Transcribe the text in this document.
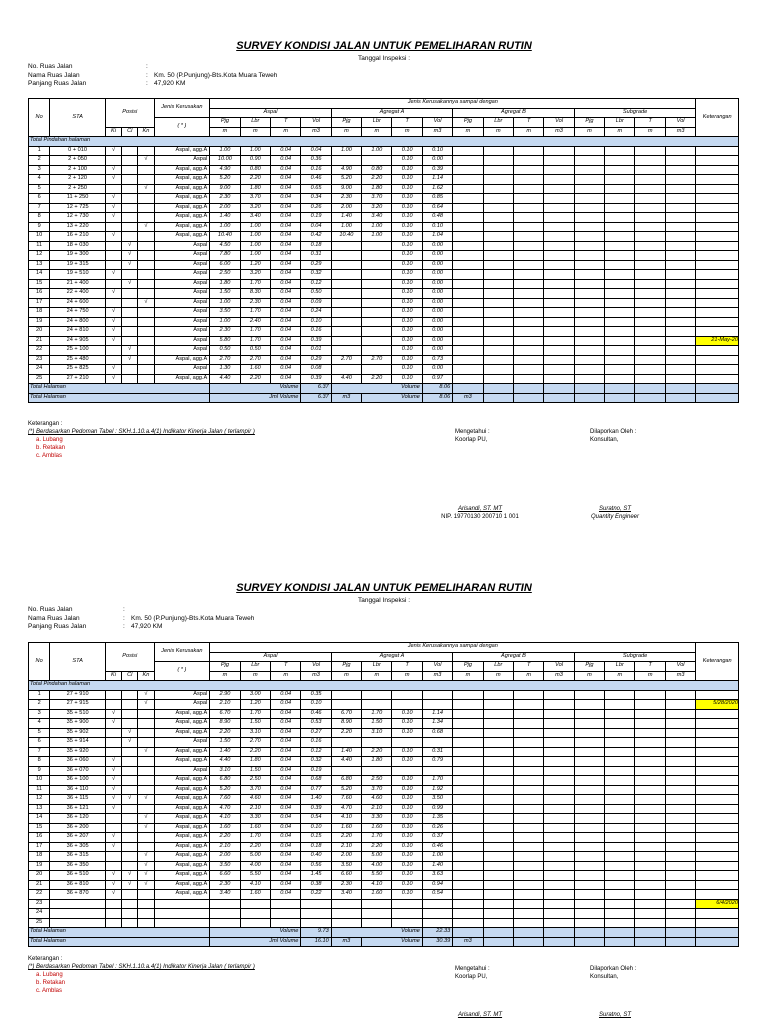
SURVEY KONDISI JALAN UNTUK PEMELIHARAN RUTIN
Tanggal Inspeksi :
No. Ruas Jalan	:
Nama Ruas Jalan	: Km. 50 (P.Punjung)-Bts.Kota Muara Teweh
Panjang Ruas Jalan	: 47,920 KM
No	STA	Posisi			Jenis Kerusakan	Jenis Kerusakannya sampai dengan																Keterangan
						Aspal				Agregat A				Agregat B				Subgrade				
					( * )	Pjg	Lbr	T	Vol	Pjg	Lbr	T	Vol	Pjg	Lbr	T	Vol	Pjg	Lbr	T	Vol	
		Ki	Cl	Kn		m	m	m	m3	m	m	m	m3	m	m	m	m3	m	m	m	m3	
Total Pindahan halaman																						
1	0 + 010	√			Aspal, agg.A	1.00	1.00	0.04	0.04	1.00	1.00	0.10	0.10									
2	2 + 050			√	Aspal	10.00	0.90	0.04	0.36			0.10	0.00									
3	2 + 100	√			Aspal, agg.A	4.90	0.80	0.04	0.16	4.90	0.80	0.10	0.39									
4	2 + 120	√			Aspal, agg.A	5.20	2.20	0.04	0.46	5.20	2.20	0.10	1.14									
5	2 + 250			√	Aspal, agg.A	9.00	1.80	0.04	0.65	9.00	1.80	0.10	1.62									
6	11 + 250	√			Aspal, agg.A	2.30	3.70	0.04	0.34	2.30	3.70	0.10	0.85									
7	12 + 725	√			Aspal, agg.A	2.00	3.20	0.04	0.26	2.00	3.20	0.10	0.64									
8	12 + 730	√			Aspal, agg.A	1.40	3.40	0.04	0.19	1.40	3.40	0.10	0.48									
9	13 + 220			√	Aspal, agg.A	1.00	1.00	0.04	0.04	1.00	1.00	0.10	0.10									
10	16 + 210	√			Aspal, agg.A	10.40	1.00	0.04	0.42	10.40	1.00	0.10	1.04									
11	18 + 030		√		Aspal	4.50	1.00	0.04	0.18			0.10	0.00									
12	19 + 300		√		Aspal	7.80	1.00	0.04	0.31			0.10	0.00									
13	19 + 315		√		Aspal	6.00	1.20	0.04	0.29			0.10	0.00									
14	19 + 510	√			Aspal	2.50	3.20	0.04	0.32			0.10	0.00									
15	21 + 400		√		Aspal	1.80	1.70	0.04	0.12			0.10	0.00									
16	22 + 400	√			Aspal	1.50	8.30	0.04	0.50			0.10	0.00									
17	24 + 600			√	Aspal	1.00	2.30	0.04	0.09			0.10	0.00									
18	24 + 750	√			Aspal	3.50	1.70	0.04	0.24			0.10	0.00									
19	24 + 800	√			Aspal	1.00	2.40	0.04	0.10			0.10	0.00									
20	24 + 810	√			Aspal	2.30	1.70	0.04	0.16			0.10	0.00									
21	24 + 905	√			Aspal	5.80	1.70	0.04	0.39			0.10	0.00									21-May-20
22	25 + 100		√		Aspal	0.50	0.50	0.04	0.01			0.10	0.00									
23	25 + 480		√		Aspal, agg.A	2.70	2.70	0.04	0.29	2.70	2.70	0.10	0.73									
24	25 + 825	√			Aspal	1.30	1.60	0.04	0.08			0.10	0.00									
25	27 + 210	√			Aspal, agg.A	4.40	2.20	0.04	0.39	4.40	2.20	0.10	0.97									
Total Halaman						Volume			6.37	Volume			8.06									
Total Halaman						Jml Volume			6.37	m3	Volume		8.06	m3								
Keterangan :
(*) Berdasarkan Pedoman Tabel : SKH.1.10.a.4(1) Indikator Kinerja Jalan ( terlampir )
a. Lubang
b. Retakan
c. Amblas
Mengetahui :
Koorlap PU,
Dilaporkan Oleh :
Konsultan,
Arisandi, ST. MT
NIP. 19770130 200710 1 001
Suratno, ST
Quantity Engineer
SURVEY KONDISI JALAN UNTUK PEMELIHARAN RUTIN
Tanggal Inspeksi :
No. Ruas Jalan	:
Nama Ruas Jalan	: Km. 50 (P.Punjung)-Bts.Kota Muara Teweh
Panjang Ruas Jalan	: 47,920 KM
No	STA	Posisi			Jenis Kerusakan	Jenis Kerusakannya sampai dengan																Keterangan
						Aspal				Agregat A				Agregat B				Subgrade				
					( * )	Pjg	Lbr	T	Vol	Pjg	Lbr	T	Vol	Pjg	Lbr	T	Vol	Pjg	Lbr	T	Vol	
		Ki	Cl	Kn		m	m	m	m3	m	m	m	m3	m	m	m	m3	m	m	m	m3	
Total Pindahan halaman																						
1	27 + 910			√	Aspal	2.90	3.00	0.04	0.35													
2	27 + 915			√	Aspal	2.10	1.20	0.04	0.10													5/28/2020
3	35 + 510	√			Aspal, agg.A	6.70	1.70	0.04	0.46	6.70	1.70	0.10	1.14									
4	35 + 900	√			Aspal, agg.A	8.90	1.50	0.04	0.53	8.90	1.50	0.10	1.34									
5	35 + 902		√		Aspal, agg.A	2.20	3.10	0.04	0.27	2.20	3.10	0.10	0.68									
6	35 + 914		√		Aspal	1.50	2.70	0.04	0.16													
7	35 + 920			√	Aspal, agg.A	1.40	2.20	0.04	0.12	1.40	2.20	0.10	0.31									
8	36 + 060	√			Aspal, agg.A	4.40	1.80	0.04	0.32	4.40	1.80	0.10	0.79									
9	36 + 070	√			Aspal	3.10	1.50	0.04	0.19													
10	36 + 100	√			Aspal, agg.A	6.80	2.50	0.04	0.68	6.80	2.50	0.10	1.70									
11	36 + 110	√			Aspal, agg.A	5.20	3.70	0.04	0.77	5.20	3.70	0.10	1.92									
12	36 + 115	√	√	√	Aspal, agg.A	7.60	4.60	0.04	1.40	7.60	4.60	0.10	3.50									
13	36 + 121	√			Aspal, agg.A	4.70	2.10	0.04	0.39	4.70	2.10	0.10	0.99									
14	36 + 120			√	Aspal, agg.A	4.10	3.30	0.04	0.54	4.10	3.30	0.10	1.35									
15	36 + 200			√	Aspal, agg.A	1.60	1.60	0.04	0.10	1.60	1.60	0.10	0.26									
16	36 + 207	√			Aspal, agg.A	2.20	1.70	0.04	0.15	2.20	1.70	0.10	0.37									
17	36 + 305	√			Aspal, agg.A	2.10	2.20	0.04	0.18	2.10	2.20	0.10	0.46									
18	36 + 315			√	Aspal, agg.A	2.00	5.00	0.04	0.40	2.00	5.00	0.10	1.00									
19	36 + 350			√	Aspal, agg.A	3.50	4.00	0.04	0.56	3.50	4.00	0.10	1.40									
20	36 + 510	√	√	√	Aspal, agg.A	6.60	5.50	0.04	1.45	6.60	5.50	0.10	3.63									
21	36 + 810	√	√	√	Aspal, agg.A	2.30	4.10	0.04	0.38	2.30	4.10	0.10	0.94									
22	36 + 870	√			Aspal, agg.A	3.40	1.60	0.04	0.22	3.40	1.60	0.10	0.54									
23																						6/4/2020
24																						
25																						
Total Halaman						Volume			9.73	Volume			22.33									
Total Halaman						Jml Volume			16.10	m3	Volume		30.39	m3								
Keterangan :
(*) Berdasarkan Pedoman Tabel : SKH.1.10.a.4(1) Indikator Kinerja Jalan ( terlampir )
a. Lubang
b. Retakan
c. Amblas
Mengetahui :
Koorlap PU,
Dilaporkan Oleh :
Konsultan,
Arisandi, ST. MT	Suratno, ST
